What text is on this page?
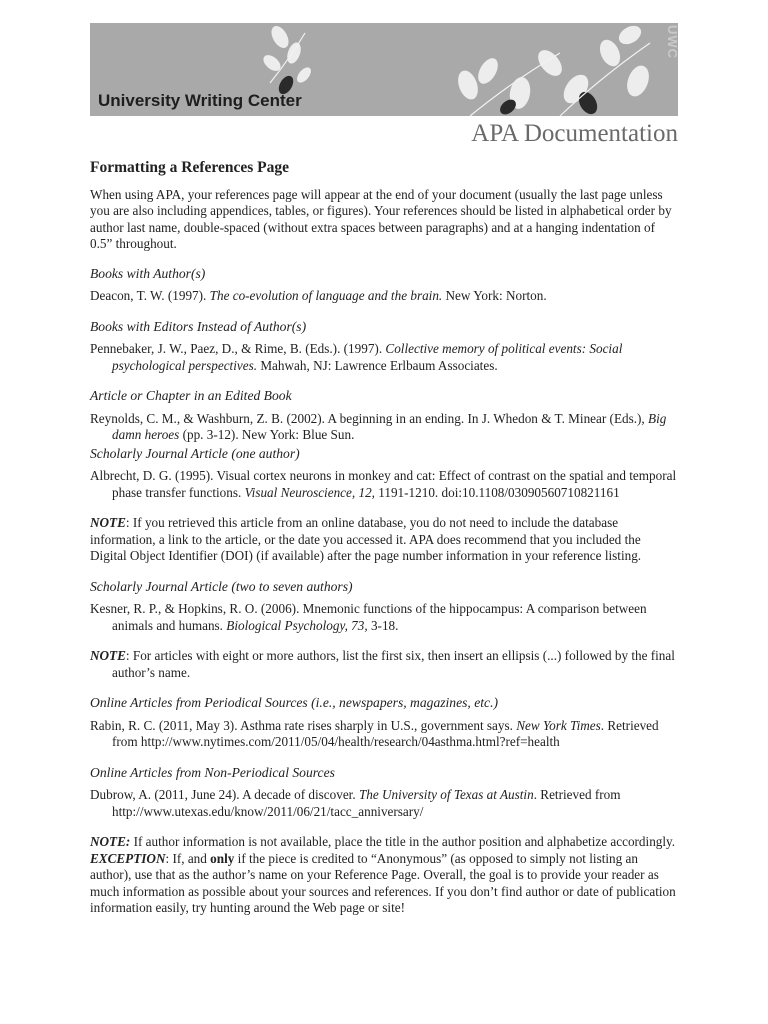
University Writing Center
UWC
APA Documentation
Formatting a References Page

When using APA, your references page will appear at the end of your document (usually the last page unless you are also including appendices, tables, or figures). Your references should be listed in alphabetical order by author last name, double-spaced (without extra spaces between paragraphs) and at a hanging indentation of 0.5” throughout.

Books with Author(s)

Deacon, T. W. (1997). The co-evolution of language and the brain. New York: Norton.

Books with Editors Instead of Author(s)

Pennebaker, J. W., Paez, D., & Rime, B. (Eds.). (1997). Collective memory of political events: Social psychological perspectives. Mahwah, NJ: Lawrence Erlbaum Associates.

Article or Chapter in an Edited Book

Reynolds, C. M., & Washburn, Z. B. (2002). A beginning in an ending. In J. Whedon & T. Minear (Eds.), Big damn heroes (pp. 3-12). New York: Blue Sun.

Scholarly Journal Article (one author)

Albrecht, D. G. (1995). Visual cortex neurons in monkey and cat: Effect of contrast on the spatial and temporal phase transfer functions. Visual Neuroscience, 12, 1191-1210. doi:10.1108/03090560710821161

NOTE: If you retrieved this article from an online database, you do not need to include the database information, a link to the article, or the date you accessed it. APA does recommend that you included the Digital Object Identifier (DOI) (if available) after the page number information in your reference listing.

Scholarly Journal Article (two to seven authors)

Kesner, R. P., & Hopkins, R. O. (2006). Mnemonic functions of the hippocampus: A comparison between animals and humans. Biological Psychology, 73, 3-18.

NOTE: For articles with eight or more authors, list the first six, then insert an ellipsis (...) followed by the final author’s name.

Online Articles from Periodical Sources (i.e., newspapers, magazines, etc.)

Rabin, R. C. (2011, May 3). Asthma rate rises sharply in U.S., government says. New York Times. Retrieved from http://www.nytimes.com/2011/05/04/health/research/04asthma.html?ref=health

Online Articles from Non-Periodical Sources

Dubrow, A. (2011, June 24). A decade of discover. The University of Texas at Austin. Retrieved from http://www.utexas.edu/know/2011/06/21/tacc_anniversary/

NOTE: If author information is not available, place the title in the author position and alphabetize accordingly. EXCEPTION: If, and only if the piece is credited to “Anonymous” (as opposed to simply not listing an author), use that as the author’s name on your Reference Page. Overall, the goal is to provide your reader as much information as possible about your sources and references. If you don’t find author or date of publication information easily, try hunting around the Web page or site!
